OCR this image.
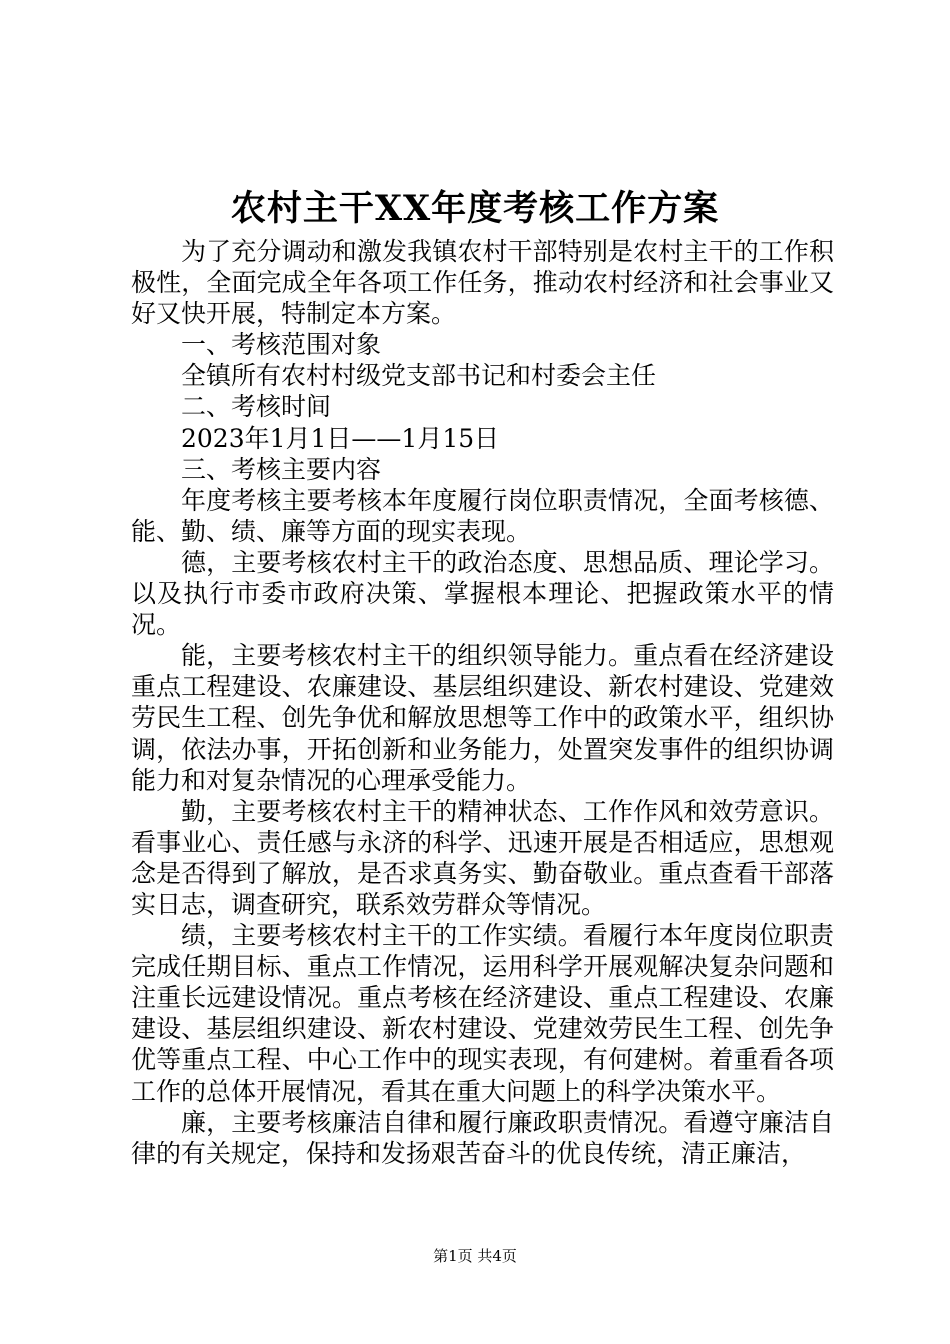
农村主干XX年度考核工作方案

为了充分调动和激发我镇农村干部特别是农村主干的工作积极性，全面完成全年各项工作任务，推动农村经济和社会事业又好又快开展，特制定本方案。

一、考核范围对象

全镇所有农村村级党支部书记和村委会主任

二、考核时间

2023年1月1日——1月15日

三、考核主要内容

年度考核主要考核本年度履行岗位职责情况，全面考核德、能、勤、绩、廉等方面的现实表现。

德，主要考核农村主干的政治态度、思想品质、理论学习。以及执行市委市政府决策、掌握根本理论、把握政策水平的情况。

能，主要考核农村主干的组织领导能力。重点看在经济建设重点工程建设、农廉建设、基层组织建设、新农村建设、党建效劳民生工程、创先争优和解放思想等工作中的政策水平，组织协调，依法办事，开拓创新和业务能力，处置突发事件的组织协调能力和对复杂情况的心理承受能力。

勤，主要考核农村主干的精神状态、工作作风和效劳意识。看事业心、责任感与永济的科学、迅速开展是否相适应，思想观念是否得到了解放，是否求真务实、勤奋敬业。重点查看干部落实日志，调查研究，联系效劳群众等情况。

绩，主要考核农村主干的工作实绩。看履行本年度岗位职责完成任期目标、重点工作情况，运用科学开展观解决复杂问题和注重长远建设情况。重点考核在经济建设、重点工程建设、农廉建设、基层组织建设、新农村建设、党建效劳民生工程、创先争优等重点工程、中心工作中的现实表现，有何建树。着重看各项工作的总体开展情况，看其在重大问题上的科学决策水平。

廉，主要考核廉洁自律和履行廉政职责情况。看遵守廉洁自律的有关规定，保持和发扬艰苦奋斗的优良传统，清正廉洁，

第1页 共4页
